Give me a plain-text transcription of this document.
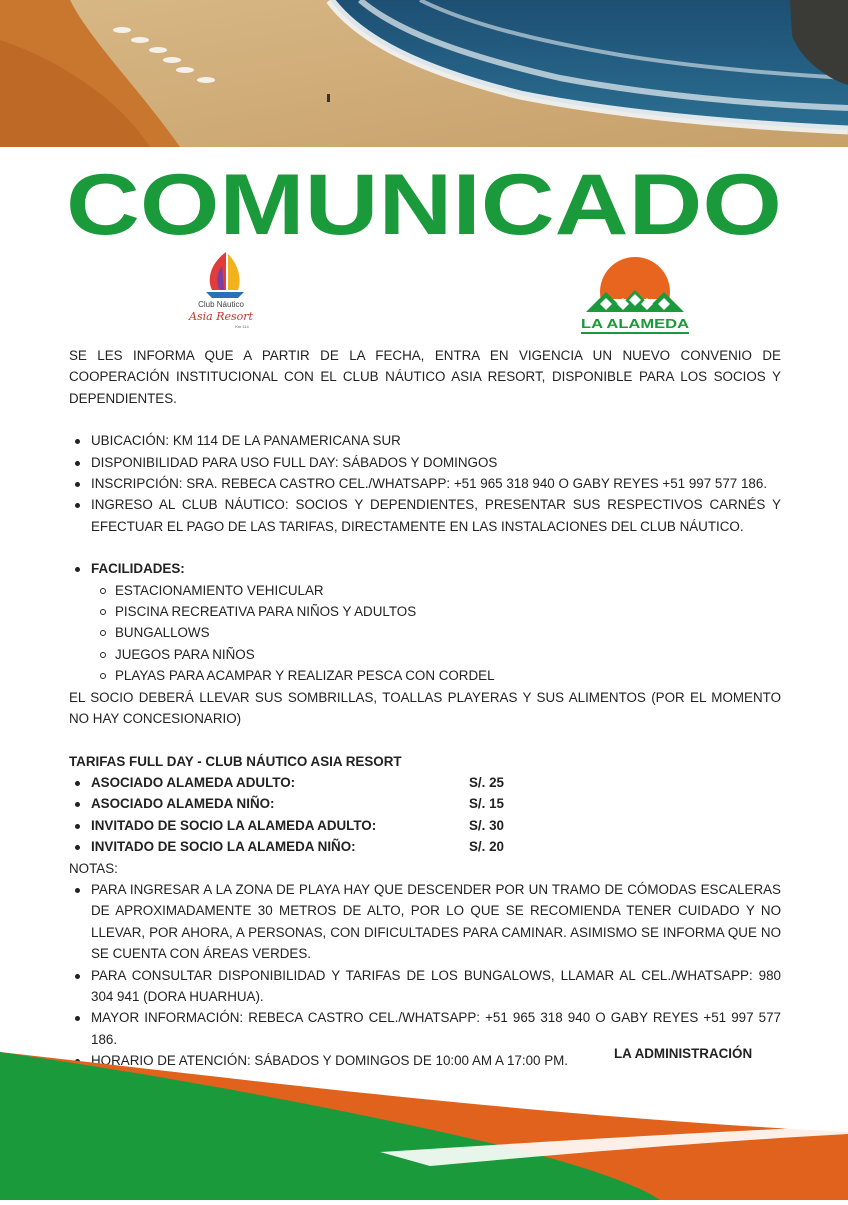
COMUNICADO
Club Náutico
Asia Resort
Km 114	LA ALAMEDA

SE LES INFORMA QUE A PARTIR DE LA FECHA, ENTRA EN VIGENCIA UN NUEVO CONVENIO DE COOPERACIÓN INSTITUCIONAL CON EL CLUB NÁUTICO ASIA RESORT, DISPONIBLE PARA LOS SOCIOS Y DEPENDIENTES.

UBICACIÓN: KM 114 DE LA PANAMERICANA SUR
DISPONIBILIDAD PARA USO FULL DAY: SÁBADOS Y DOMINGOS
INSCRIPCIÓN: SRA. REBECA CASTRO CEL./WHATSAPP: +51 965 318 940 O GABY REYES +51 997 577 186.
INGRESO AL CLUB NÁUTICO: SOCIOS Y DEPENDIENTES, PRESENTAR SUS RESPECTIVOS CARNÉS Y EFECTUAR EL PAGO DE LAS TARIFAS, DIRECTAMENTE EN LAS INSTALACIONES DEL CLUB NÁUTICO.
FACILIDADES:
ESTACIONAMIENTO VEHICULAR
PISCINA RECREATIVA PARA NIÑOS Y ADULTOS
BUNGALLOWS
JUEGOS PARA NIÑOS
PLAYAS PARA ACAMPAR Y REALIZAR PESCA CON CORDEL

EL SOCIO DEBERÁ LLEVAR SUS SOMBRILLAS, TOALLAS PLAYERAS Y SUS ALIMENTOS (POR EL MOMENTO NO HAY CONCESIONARIO)

TARIFAS FULL DAY - CLUB NÁUTICO ASIA RESORT

ASOCIADO ALAMEDA ADULTO:	S/. 25
ASOCIADO ALAMEDA NIÑO:	S/. 15
INVITADO DE SOCIO LA ALAMEDA ADULTO:	S/. 30
INVITADO DE SOCIO LA ALAMEDA NIÑO:	S/. 20

NOTAS:

PARA INGRESAR A LA ZONA DE PLAYA HAY QUE DESCENDER POR UN TRAMO DE CÓMODAS ESCALERAS DE APROXIMADAMENTE 30 METROS DE ALTO, POR LO QUE SE RECOMIENDA TENER CUIDADO Y NO LLEVAR, POR AHORA, A PERSONAS, CON DIFICULTADES PARA CAMINAR. ASIMISMO SE INFORMA QUE NO SE CUENTA CON ÁREAS VERDES.
PARA CONSULTAR DISPONIBILIDAD Y TARIFAS DE LOS BUNGALOWS, LLAMAR AL CEL./WHATSAPP: 980 304 941 (DORA HUARHUA).
MAYOR INFORMACIÓN: REBECA CASTRO CEL./WHATSAPP: +51 965 318 940 O GABY REYES +51 997 577 186.
HORARIO DE ATENCIÓN: SÁBADOS Y DOMINGOS DE 10:00 AM A 17:00 PM.	LA ADMINISTRACIÓN
